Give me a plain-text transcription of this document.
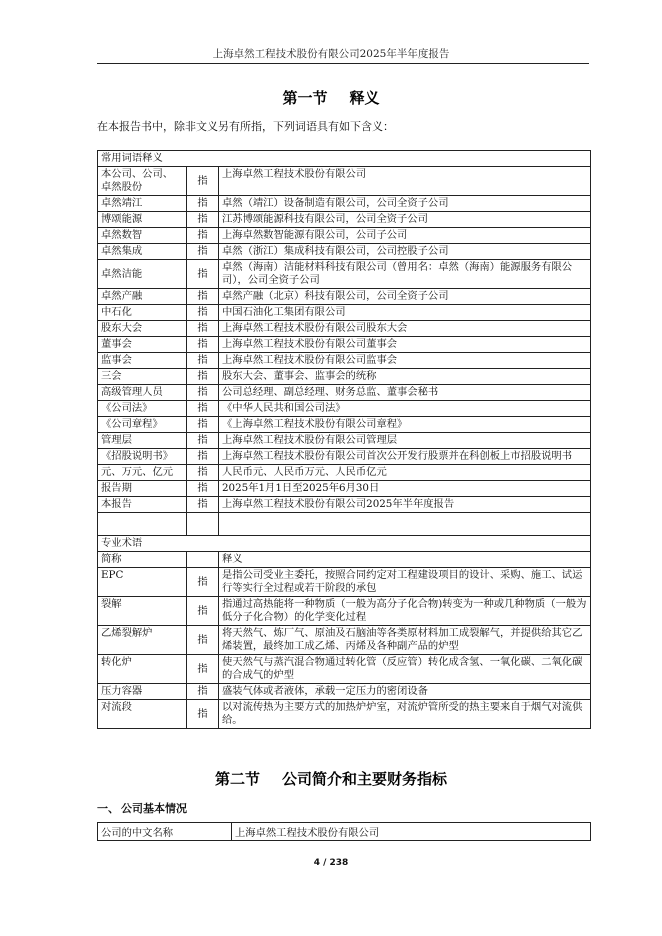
上海卓然工程技术股份有限公司2025年半年度报告
第一节 释义
在本报告书中，除非文义另有所指，下列词语具有如下含义：
常用词语释义		
本公司、公司、卓然股份	指	上海卓然工程技术股份有限公司
卓然靖江	指	卓然（靖江）设备制造有限公司，公司全资子公司
博颂能源	指	江苏博颂能源科技有限公司，公司全资子公司
卓然数智	指	上海卓然数智能源有限公司，公司子公司
卓然集成	指	卓然（浙江）集成科技有限公司，公司控股子公司
卓然洁能	指	卓然（海南）洁能材料科技有限公司（曾用名：卓然（海南）能源服务有限公司），公司全资子公司
卓然产融	指	卓然产融（北京）科技有限公司，公司全资子公司
中石化	指	中国石油化工集团有限公司
股东大会	指	上海卓然工程技术股份有限公司股东大会
董事会	指	上海卓然工程技术股份有限公司董事会
监事会	指	上海卓然工程技术股份有限公司监事会
三会	指	股东大会、董事会、监事会的统称
高级管理人员	指	公司总经理、副总经理、财务总监、董事会秘书
《公司法》	指	《中华人民共和国公司法》
《公司章程》	指	《上海卓然工程技术股份有限公司章程》
管理层	指	上海卓然工程技术股份有限公司管理层
《招股说明书》	指	上海卓然工程技术股份有限公司首次公开发行股票并在科创板上市招股说明书
元、万元、亿元	指	人民币元、人民币万元、人民币亿元
报告期	指	2025年1月1日至2025年6月30日
本报告	指	上海卓然工程技术股份有限公司2025年半年度报告

专业术语		
简称		释义
EPC	指	是指公司受业主委托，按照合同约定对工程建设项目的设计、采购、施工、试运行等实行全过程或若干阶段的承包
裂解	指	指通过高热能将一种物质（一般为高分子化合物)转变为一种或几种物质（一般为低分子化合物）的化学变化过程
乙烯裂解炉	指	将天然气、炼厂气、原油及石脑油等各类原材料加工成裂解气，并提供给其它乙烯装置，最终加工成乙烯、丙烯及各种副产品的炉型
转化炉	指	使天然气与蒸汽混合物通过转化管（反应管）转化成含氢、一氧化碳、二氧化碳的合成气的炉型
压力容器	指	盛装气体或者液体，承载一定压力的密闭设备
对流段	指	以对流传热为主要方式的加热炉炉室，对流炉管所受的热主要来自于烟气对流供给。
第二节 公司简介和主要财务指标
一、 公司基本情况
公司的中文名称	上海卓然工程技术股份有限公司
4 / 238
